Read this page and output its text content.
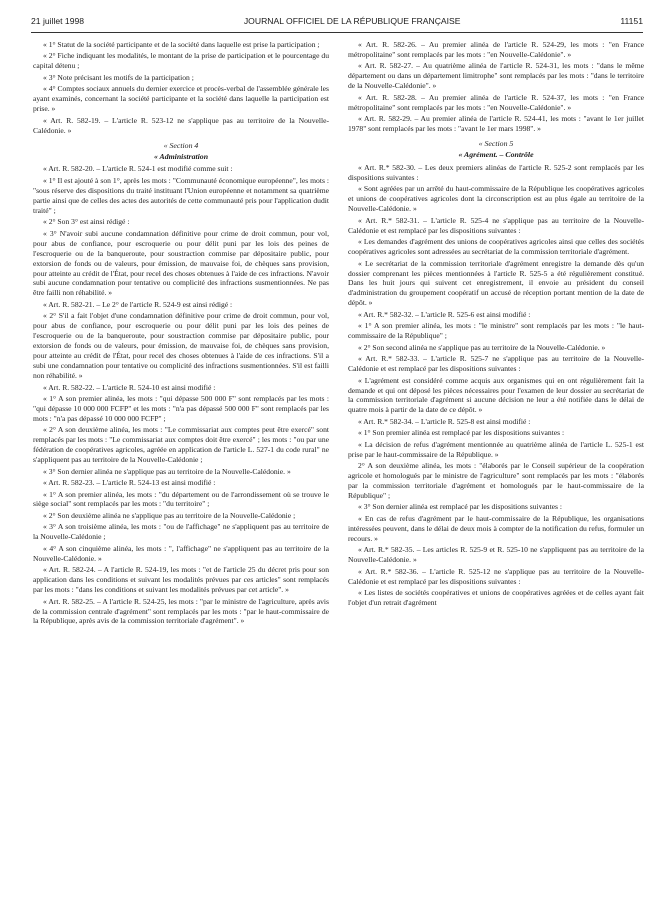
21 juillet 1998	JOURNAL OFFICIEL DE LA RÉPUBLIQUE FRANÇAISE	11151

« 1° Statut de la société participante et de la société dans laquelle est prise la participation ;

« 2° Fiche indiquant les modalités, le montant de la prise de participation et le pourcentage du capital détenu ;

« 3° Note précisant les motifs de la participation ;

« 4° Comptes sociaux annuels du dernier exercice et procès-verbal de l'assemblée générale les ayant examinés, concernant la société participante et la société dans laquelle la participation est prise. »

« Art. R. 582-19. – L'article R. 523-12 ne s'applique pas au territoire de la Nouvelle-Calédonie. »

« Section 4
« Administration

« Art. R. 582-20. – L'article R. 524-1 est modifié comme suit :

« 1° Il est ajouté à son 1°, après les mots : "Communauté économique européenne", les mots : "sous réserve des dispositions du traité instituant l'Union européenne et notamment sa quatrième partie ainsi que de celles des actes des autorités de cette communauté pris pour l'application dudit traité" ;

« 2° Son 3° est ainsi rédigé :

« 3° N'avoir subi aucune condamnation définitive pour crime de droit commun, pour vol, pour abus de confiance, pour escroquerie ou pour délit puni par les lois des peines de l'escroquerie ou de la banqueroute, pour soustraction commise par dépositaire public, pour extorsion de fonds ou de valeurs, pour émission, de mauvaise foi, de chèques sans provision, pour atteinte au crédit de l'État, pour recel des choses obtenues à l'aide de ces infractions. N'avoir subi aucune condamnation pour tentative ou complicité des infractions susmentionnées. Ne pas être failli non réhabilité. »

« Art. R. 582-21. – Le 2° de l'article R. 524-9 est ainsi rédigé :

« 2° S'il a fait l'objet d'une condamnation définitive pour crime de droit commun, pour vol, pour abus de confiance, pour escroquerie ou pour délit puni par les lois des peines de l'escroquerie ou de la banqueroute, pour soustraction commise par dépositaire public, pour extorsion de fonds ou de valeurs, pour émission, de mauvaise foi, de chèques sans provision, pour atteinte au crédit de l'État, pour recel des choses obtenues à l'aide de ces infractions. S'il a subi une condamnation pour tentative ou complicité des infractions susmentionnées. S'il est failli non réhabilité. »

« Art. R. 582-22. – L'article R. 524-10 est ainsi modifié :

« 1° A son premier alinéa, les mots : "qui dépasse 500 000 F" sont remplacés par les mots : "qui dépasse 10 000 000 FCFP" et les mots : "n'a pas dépassé 500 000 F" sont remplacés par les mots : "n'a pas dépassé 10 000 000 FCFP" ;

« 2° A son deuxième alinéa, les mots : "Le commissariat aux comptes peut être exercé" sont remplacés par les mots : "Le commissariat aux comptes doit être exercé" ; les mots : "ou par une fédération de coopératives agricoles, agréée en application de l'article L. 527-1 du code rural" ne s'appliquent pas au territoire de la Nouvelle-Calédonie ;

« 3° Son dernier alinéa ne s'applique pas au territoire de la Nouvelle-Calédonie. »

« Art. R. 582-23. – L'article R. 524-13 est ainsi modifié :

« 1° A son premier alinéa, les mots : "du département ou de l'arrondissement où se trouve le siège social" sont remplacés par les mots : "du territoire" ;

« 2° Son deuxième alinéa ne s'applique pas au territoire de la Nouvelle-Calédonie ;

« 3° A son troisième alinéa, les mots : "ou de l'affichage" ne s'appliquent pas au territoire de la Nouvelle-Calédonie ;

« 4° A son cinquième alinéa, les mots : ", l'affichage" ne s'appliquent pas au territoire de la Nouvelle-Calédonie. »

« Art. R. 582-24. – A l'article R. 524-19, les mots : "et de l'article 25 du décret pris pour son application dans les conditions et suivant les modalités prévues par ces articles" sont remplacés par les mots : "dans les conditions et suivant les modalités prévues par cet article". »

« Art. R. 582-25. – A l'article R. 524-25, les mots : "par le ministre de l'agriculture, après avis de la commission centrale d'agrément" sont remplacés par les mots : "par le haut-commissaire de la République, après avis de la commission territoriale d'agrément". »

« Art. R. 582-26. – Au premier alinéa de l'article R. 524-29, les mots : "en France métropolitaine" sont remplacés par les mots : "en Nouvelle-Calédonie". »

« Art. R. 582-27. – Au quatrième alinéa de l'article R. 524-31, les mots : "dans le même département ou dans un département limitrophe" sont remplacés par les mots : "dans le territoire de la Nouvelle-Calédonie". »

« Art. R. 582-28. – Au premier alinéa de l'article R. 524-37, les mots : "en France métropolitaine" sont remplacés par les mots : "en Nouvelle-Calédonie". »

« Art. R. 582-29. – Au premier alinéa de l'article R. 524-41, les mots : "avant le 1er juillet 1978" sont remplacés par les mots : "avant le 1er mars 1998". »

« Section 5
« Agrément. – Contrôle

« Art. R.* 582-30. – Les deux premiers alinéas de l'article R. 525-2 sont remplacés par les dispositions suivantes :

« Sont agréées par un arrêté du haut-commissaire de la République les coopératives agricoles et unions de coopératives agricoles dont la circonscription est au plus égale au territoire de la Nouvelle-Calédonie. »

« Art. R.* 582-31. – L'article R. 525-4 ne s'applique pas au territoire de la Nouvelle-Calédonie et est remplacé par les dispositions suivantes :

« Les demandes d'agrément des unions de coopératives agricoles ainsi que celles des sociétés coopératives agricoles sont adressées au secrétariat de la commission territoriale d'agrément.

« Le secrétariat de la commission territoriale d'agrément enregistre la demande dès qu'un dossier comprenant les pièces mentionnées à l'article R. 525-5 a été régulièrement constitué. Dans les huit jours qui suivent cet enregistrement, il envoie au président du conseil d'administration du groupement coopératif un accusé de réception portant mention de la date de dépôt. »

« Art. R.* 582-32. – L'article R. 525-6 est ainsi modifié :

« 1° A son premier alinéa, les mots : "le ministre" sont remplacés par les mots : "le haut-commissaire de la République" ;

« 2° Son second alinéa ne s'applique pas au territoire de la Nouvelle-Calédonie. »

« Art. R.* 582-33. – L'article R. 525-7 ne s'applique pas au territoire de la Nouvelle-Calédonie et est remplacé par les dispositions suivantes :

« L'agrément est considéré comme acquis aux organismes qui en ont régulièrement fait la demande et qui ont déposé les pièces nécessaires pour l'examen de leur dossier au secrétariat de la commission territoriale d'agrément si aucune décision ne leur a été notifiée dans le délai de quatre mois à partir de la date de ce dépôt. »

« Art. R.* 582-34. – L'article R. 525-8 est ainsi modifié :

« 1° Son premier alinéa est remplacé par les dispositions suivantes :

« La décision de refus d'agrément mentionnée au quatrième alinéa de l'article L. 525-1 est prise par le haut-commissaire de la République. »

2° A son deuxième alinéa, les mots : "élaborés par le Conseil supérieur de la coopération agricole et homologués par le ministre de l'agriculture" sont remplacés par les mots : "élaborés par la commission territoriale d'agrément et homologués par le haut-commissaire de la République" ;

« 3° Son dernier alinéa est remplacé par les dispositions suivantes :

« En cas de refus d'agrément par le haut-commissaire de la République, les organisations intéressées peuvent, dans le délai de deux mois à compter de la notification du refus, formuler un recours. »

« Art. R.* 582-35. – Les articles R. 525-9 et R. 525-10 ne s'appliquent pas au territoire de la Nouvelle-Calédonie. »

« Art. R.* 582-36. – L'article R. 525-12 ne s'applique pas au territoire de la Nouvelle-Calédonie et est remplacé par les dispositions suivantes :

« Les listes de sociétés coopératives et unions de coopératives agréées et de celles ayant fait l'objet d'un retrait d'agrément
